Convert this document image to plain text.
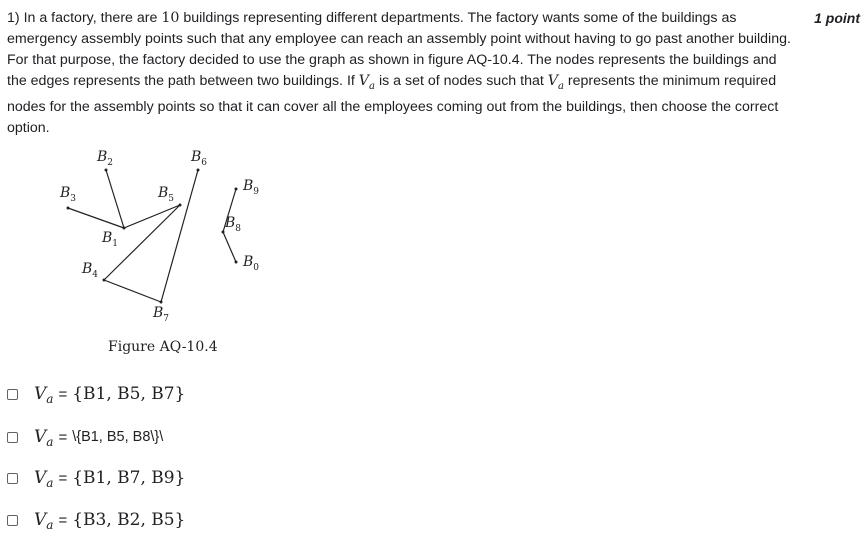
1) In a factory, there are 10 buildings representing different departments. The factory wants some of the buildings as emergency assembly points such that any employee can reach an assembly point without having to go past another building. For that purpose, the factory decided to use the graph as shown in figure AQ-10.4. The nodes represents the buildings and the edges represents the path between two buildings. If $V_a$ is a set of nodes such that $V_a$ represents the minimum required nodes for the assembly points so that it can cover all the employees coming out from the buildings, then choose the correct option.
1 point
$B_2$	$B_6$
$B_3$	$B_5$
$B_9$
$B_8$
$B_1$
$B_4$
$B_0$
$B_7$
Figure AQ-10.4
V a = {B1, B5, B7}
V a = \{B1, B5, B8\}\
V a = {B1, B7, B9}
V a = {B3, B2, B5}
